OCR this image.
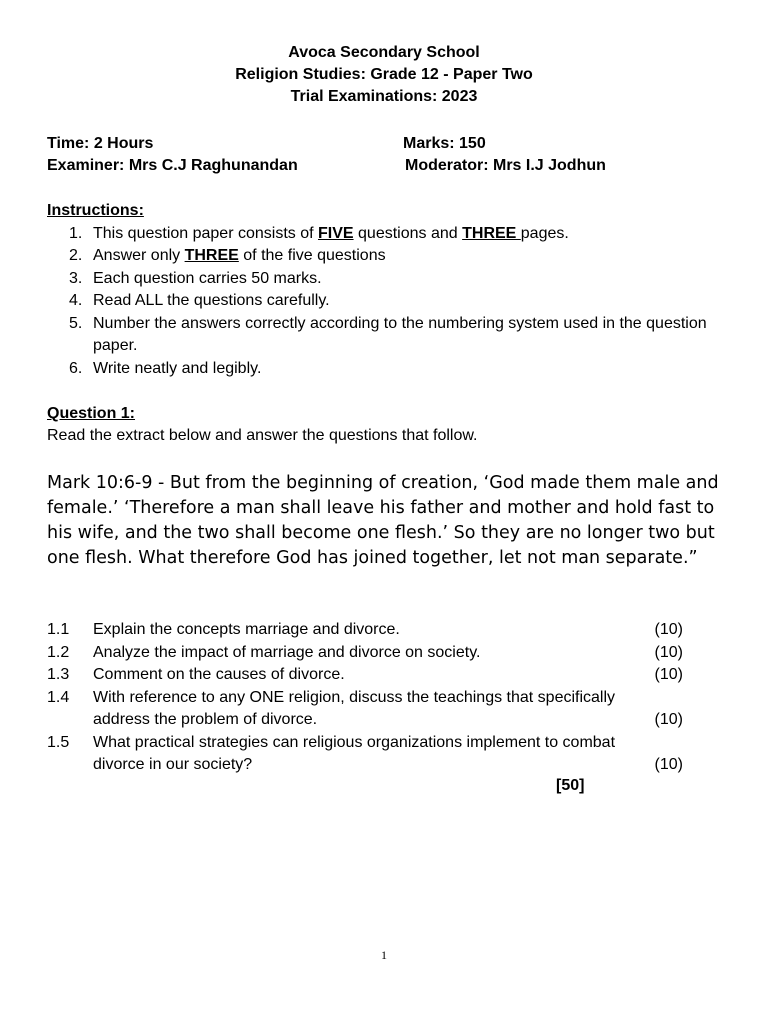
Avoca Secondary School
Religion Studies: Grade 12 - Paper Two
Trial Examinations: 2023
Time: 2 Hours	Marks: 150
Examiner: Mrs C.J Raghunandan	Moderator: Mrs I.J Jodhun
Instructions:
1. This question paper consists of FIVE questions and THREE pages.
2. Answer only THREE of the five questions
3. Each question carries 50 marks.
4. Read ALL the questions carefully.
5. Number the answers correctly according to the numbering system used in the question paper.
6. Write neatly and legibly.
Question 1:
Read the extract below and answer the questions that follow.
Mark 10:6-9 - But from the beginning of creation, ‘God made them male and female.’ ‘Therefore a man shall leave his father and mother and hold fast to his wife, and the two shall become one flesh.’ So they are no longer two but one flesh. What therefore God has joined together, let not man separate.”
1.1	Explain the concepts marriage and divorce.	(10)
1.2	Analyze the impact of marriage and divorce on society.	(10)
1.3	Comment on the causes of divorce.	(10)
1.4	With reference to any ONE religion, discuss the teachings that specifically address the problem of divorce.	(10)
1.5	What practical strategies can religious organizations implement to combat divorce in our society?	(10)
[50]
1
